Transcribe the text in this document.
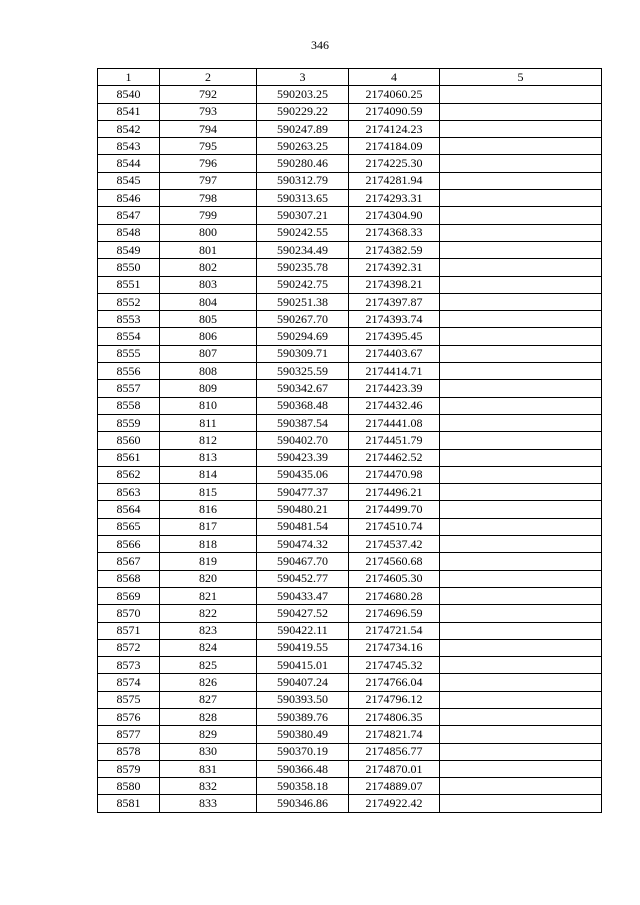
346
1	2	3	4	5
8540	792	590203.25	2174060.25	
8541	793	590229.22	2174090.59	
8542	794	590247.89	2174124.23	
8543	795	590263.25	2174184.09	
8544	796	590280.46	2174225.30	
8545	797	590312.79	2174281.94	
8546	798	590313.65	2174293.31	
8547	799	590307.21	2174304.90	
8548	800	590242.55	2174368.33	
8549	801	590234.49	2174382.59	
8550	802	590235.78	2174392.31	
8551	803	590242.75	2174398.21	
8552	804	590251.38	2174397.87	
8553	805	590267.70	2174393.74	
8554	806	590294.69	2174395.45	
8555	807	590309.71	2174403.67	
8556	808	590325.59	2174414.71	
8557	809	590342.67	2174423.39	
8558	810	590368.48	2174432.46	
8559	811	590387.54	2174441.08	
8560	812	590402.70	2174451.79	
8561	813	590423.39	2174462.52	
8562	814	590435.06	2174470.98	
8563	815	590477.37	2174496.21	
8564	816	590480.21	2174499.70	
8565	817	590481.54	2174510.74	
8566	818	590474.32	2174537.42	
8567	819	590467.70	2174560.68	
8568	820	590452.77	2174605.30	
8569	821	590433.47	2174680.28	
8570	822	590427.52	2174696.59	
8571	823	590422.11	2174721.54	
8572	824	590419.55	2174734.16	
8573	825	590415.01	2174745.32	
8574	826	590407.24	2174766.04	
8575	827	590393.50	2174796.12	
8576	828	590389.76	2174806.35	
8577	829	590380.49	2174821.74	
8578	830	590370.19	2174856.77	
8579	831	590366.48	2174870.01	
8580	832	590358.18	2174889.07	
8581	833	590346.86	2174922.42	
